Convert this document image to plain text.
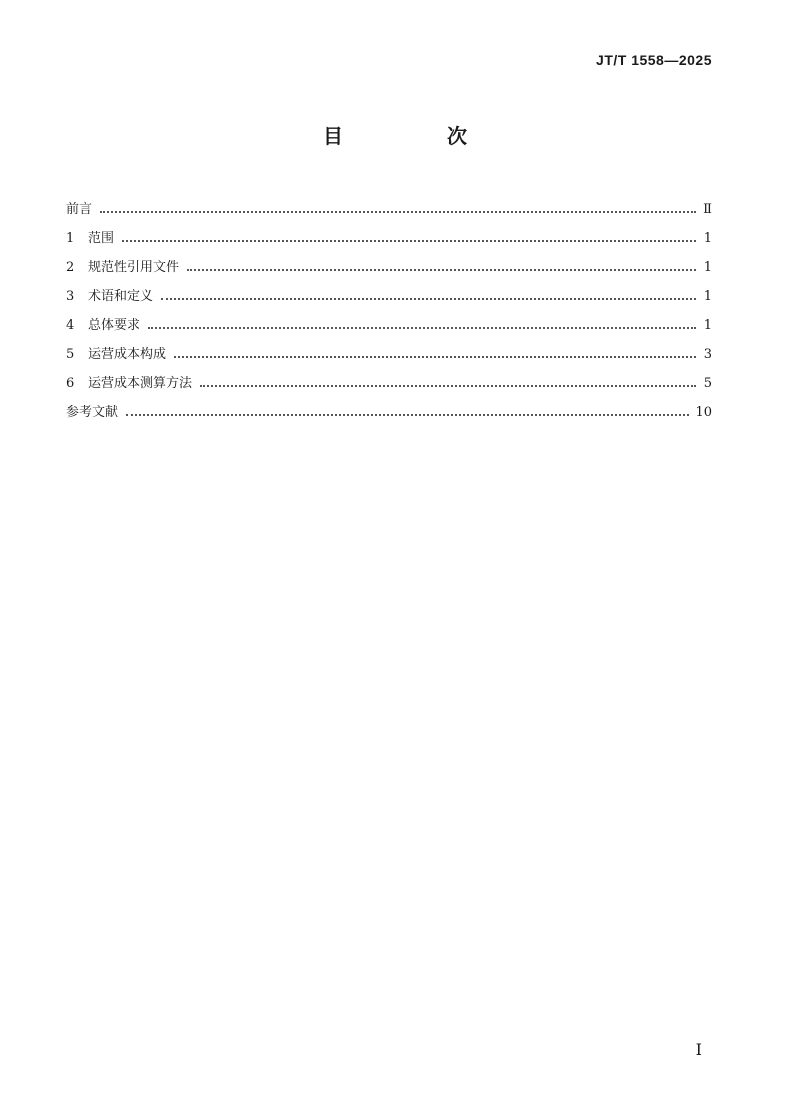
JT/T 1558—2025
目　次
前言	Ⅱ
1	范围	1
2	规范性引用文件	1
3	术语和定义	1
4	总体要求	1
5	运营成本构成	3
6	运营成本测算方法	5
参考文献	10
I
